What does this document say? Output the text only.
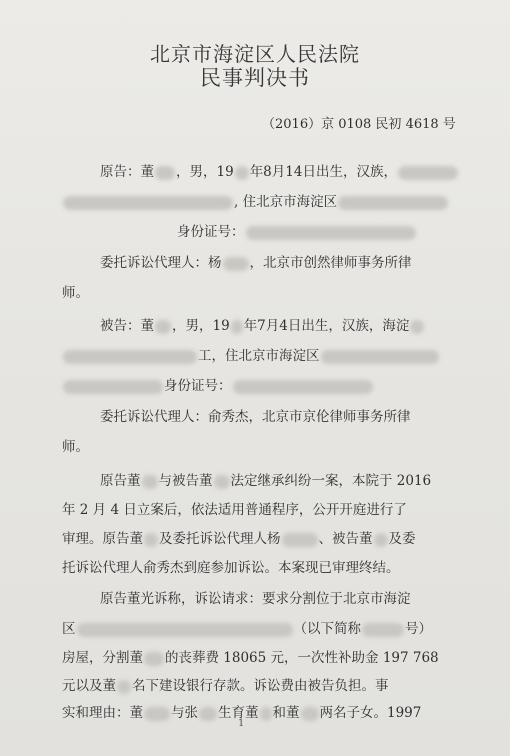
北京市海淀区人民法院
民事判决书
（2016）京 0108 民初 4618 号
原告：董 ，男，19 年8月14日出生，汉族，
, 住北京市海淀区
身份证号：
委托诉讼代理人：杨 ，北京市创然律师事务所律
师。
被告：董 ，男，19 年7月4日出生，汉族，海淀
工，住北京市海淀区
身份证号：
委托诉讼代理人：俞秀杰，北京市京伦律师事务所律
师。
原告董 与被告董 法定继承纠纷一案，本院于 2016
年 2 月 4 日立案后，依法适用普通程序，公开开庭进行了
审理。原告董 及委托诉讼代理人杨	、被告董 及委
托诉讼代理人俞秀杰到庭参加诉讼。本案现已审理终结。
原告董光诉称，诉讼请求：要求分割位于北京市海淀
区	（以下简称	号）
房屋，分割董 的丧葬费 18065 元，一次性补助金 197 768
元以及董 名下建设银行存款。诉讼费由被告负担。事
实和理由：董 与张 生育董 和董 两名子女。1997
1
